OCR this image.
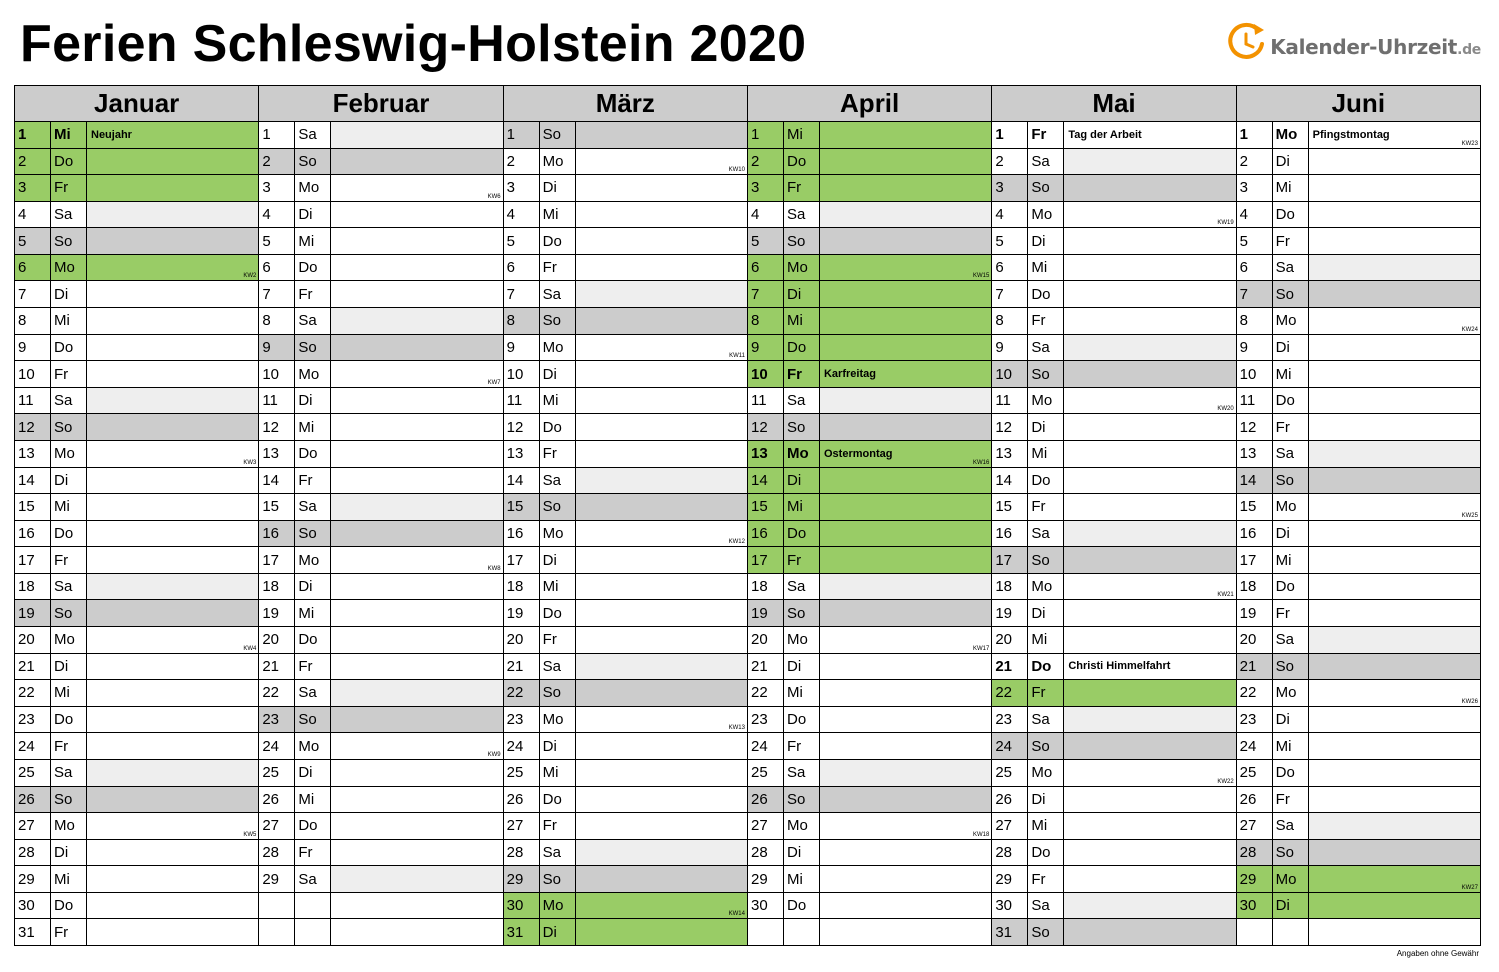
Ferien Schleswig-Holstein 2020	Kalender-Uhrzeit.de
Januar
1	Mi	Neujahr
2	Do
3	Fr
4	Sa
5	So
6	Mo
KW2
7	Di
8	Mi
9	Do
10	Fr
11	Sa
12	So
13	Mo
KW3
14	Di
15	Mi
16	Do
17	Fr
18	Sa
19	So
20	Mo
KW4
21	Di
22	Mi
23	Do
24	Fr
25	Sa
26	So
27	Mo
KW5
28	Di
29	Mi
30	Do
31	Fr
Februar
1	Sa
2	So
3	Mo
KW6
4	Di
5	Mi
6	Do
7	Fr
8	Sa
9	So
10	Mo
KW7
11	Di
12	Mi
13	Do
14	Fr
15	Sa
16	So
17	Mo
KW8
18	Di
19	Mi
20	Do
21	Fr
22	Sa
23	So
24	Mo
KW9
25	Di
26	Mi
27	Do
28	Fr
29	Sa
März
1	So
2	Mo
KW10
3	Di
4	Mi
5	Do
6	Fr
7	Sa
8	So
9	Mo
KW11
10	Di
11	Mi
12	Do
13	Fr
14	Sa
15	So
16	Mo
KW12
17	Di
18	Mi
19	Do
20	Fr
21	Sa
22	So
23	Mo
KW13
24	Di
25	Mi
26	Do
27	Fr
28	Sa
29	So
30	Mo
KW14
31	Di
April
1	Mi
2	Do
3	Fr
4	Sa
5	So
6	Mo
KW15
7	Di
8	Mi
9	Do
10	Fr	Karfreitag
11	Sa
12	So
13	Mo	Ostermontag
KW16
14	Di
15	Mi
16	Do
17	Fr
18	Sa
19	So
20	Mo
KW17
21	Di
22	Mi
23	Do
24	Fr
25	Sa
26	So
27	Mo
KW18
28	Di
29	Mi
30	Do
Mai
1	Fr	Tag der Arbeit
2	Sa
3	So
4	Mo
KW19
5	Di
6	Mi
7	Do
8	Fr
9	Sa
10	So
11	Mo
KW20
12	Di
13	Mi
14	Do
15	Fr
16	Sa
17	So
18	Mo
KW21
19	Di
20	Mi
21	Do	Christi Himmelfahrt
22	Fr
23	Sa
24	So
25	Mo
KW22
26	Di
27	Mi
28	Do
29	Fr
30	Sa
31	So
Juni
1	Mo	Pfingstmontag
KW23
2	Di
3	Mi
4	Do
5	Fr
6	Sa
7	So
8	Mo
KW24
9	Di
10	Mi
11	Do
12	Fr
13	Sa
14	So
15	Mo
KW25
16	Di
17	Mi
18	Do
19	Fr
20	Sa
21	So
22	Mo
KW26
23	Di
24	Mi
25	Do
26	Fr
27	Sa
28	So
29	Mo
KW27
30	Di
Angaben ohne Gewähr
